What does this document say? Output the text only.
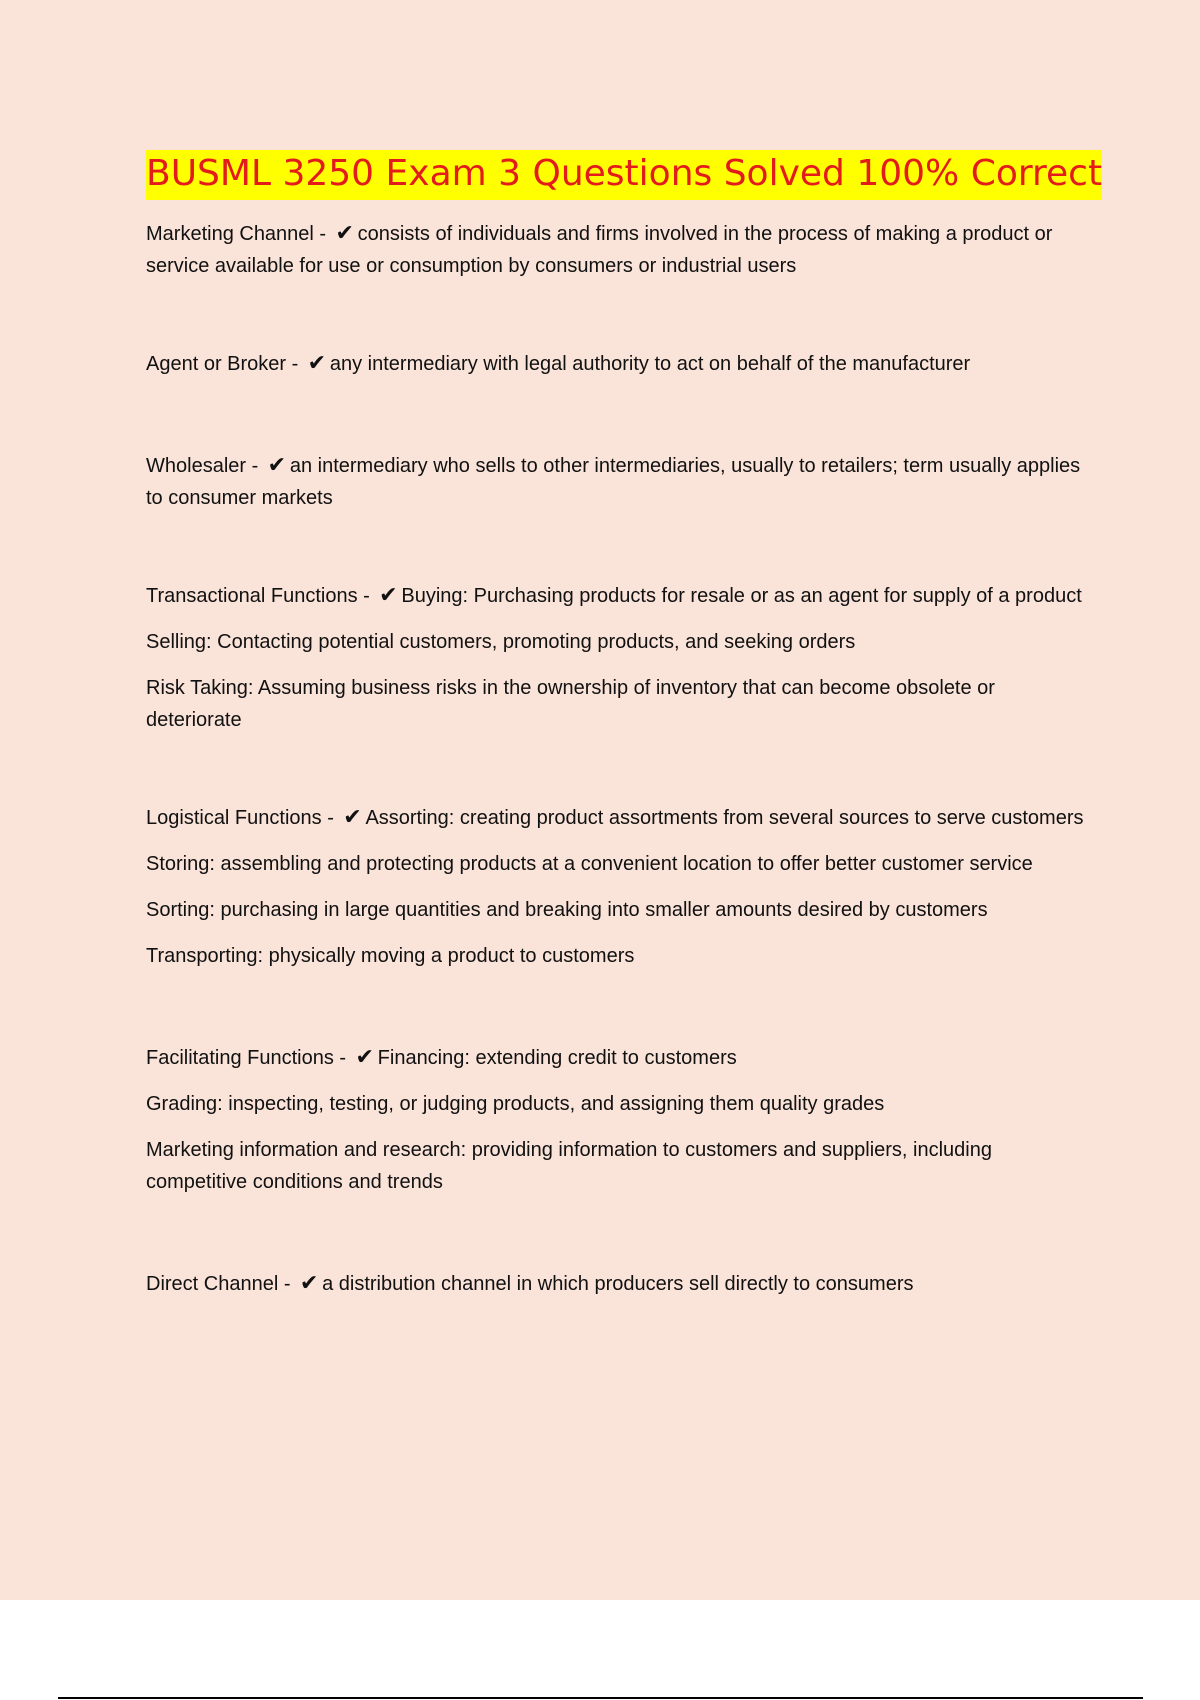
BUSML 3250 Exam 3 Questions Solved 100% Correct

Marketing Channel - ✔ consists of individuals and firms involved in the process of making a product or service available for use or consumption by consumers or industrial users

Agent or Broker - ✔ any intermediary with legal authority to act on behalf of the manufacturer

Wholesaler - ✔ an intermediary who sells to other intermediaries, usually to retailers; term usually applies to consumer markets

Transactional Functions - ✔ Buying: Purchasing products for resale or as an agent for supply of a product

Selling: Contacting potential customers, promoting products, and seeking orders

Risk Taking: Assuming business risks in the ownership of inventory that can become obsolete or deteriorate

Logistical Functions - ✔ Assorting: creating product assortments from several sources to serve customers

Storing: assembling and protecting products at a convenient location to offer better customer service

Sorting: purchasing in large quantities and breaking into smaller amounts desired by customers

Transporting: physically moving a product to customers

Facilitating Functions - ✔ Financing: extending credit to customers

Grading: inspecting, testing, or judging products, and assigning them quality grades

Marketing information and research: providing information to customers and suppliers, including competitive conditions and trends

Direct Channel - ✔ a distribution channel in which producers sell directly to consumers
